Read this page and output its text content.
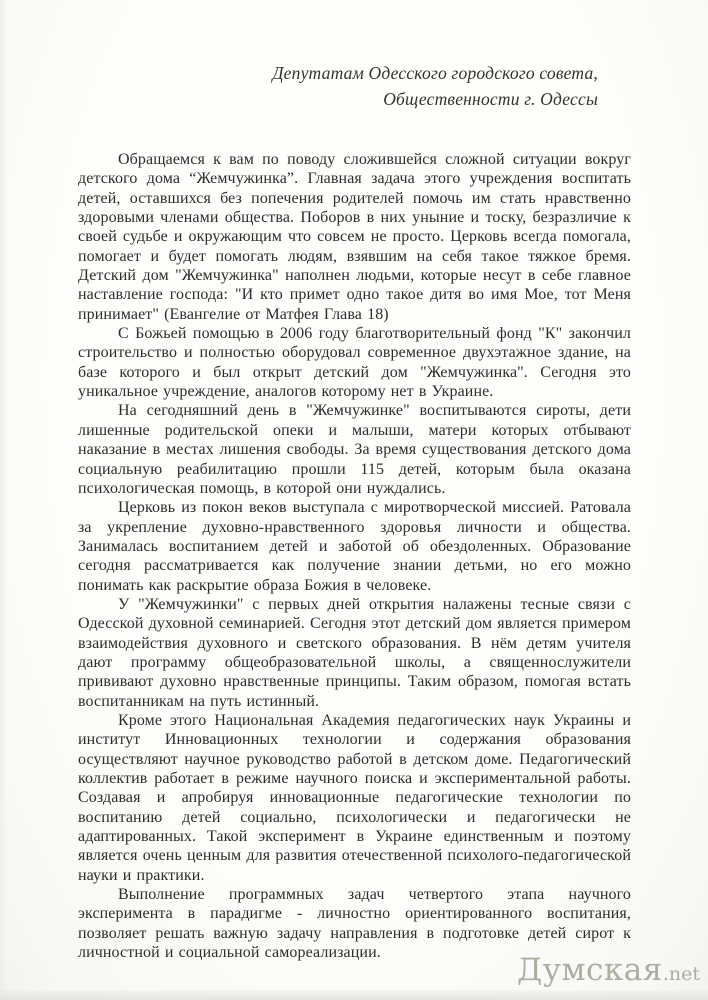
Депутатам Одесского городского совета,
Общественности г. Одессы

Обращаемся к вам по поводу сложившейся сложной ситуации вокруг детского дома “Жемчужинка”. Главная задача этого учреждения воспитать детей, оставшихся без попечения родителей помочь им стать нравственно здоровыми членами общества. Поборов в них уныние и тоску, безразличие к своей судьбе и окружающим что совсем не просто. Церковь всегда помогала, помогает и будет помогать людям, взявшим на себя такое тяжкое бремя. Детский дом "Жемчужинка" наполнен людьми, которые несут в себе главное наставление господа: "И кто примет одно такое дитя во имя Мое, тот Меня принимает" (Евангелие от Матфея Глава 18)

С Божьей помощью в 2006 году благотворительный фонд "К" закончил строительство и полностью оборудовал современное двухэтажное здание, на базе которого и был открыт детский дом "Жемчужинка". Сегодня это уникальное учреждение, аналогов которому нет в Украине.

На сегодняшний день в "Жемчужинке" воспитываются сироты, дети лишенные родительской опеки и малыши, матери которых отбывают наказание в местах лишения свободы. За время существования детского дома социальную реабилитацию прошли 115 детей, которым была оказана психологическая помощь, в которой они нуждались.

Церковь из покон веков выступала с миротворческой миссией. Ратовала за укрепление духовно-нравственного здоровья личности и общества. Занималась воспитанием детей и заботой об обездоленных. Образование сегодня рассматривается как получение знании детьми, но его можно понимать как раскрытие образа Божия в человеке.

У "Жемчужинки" с первых дней открытия налажены тесные связи с Одесской духовной семинарией. Сегодня этот детский дом является примером взаимодействия духовного и светского образования. В нём детям учителя дают программу общеобразовательной школы, а священнослужители прививают духовно нравственные принципы. Таким образом, помогая встать воспитанникам на путь истинный.

Кроме этого Национальная Академия педагогических наук Украины и институт Инновационных технологии и содержания образования осуществляют научное руководство работой в детском доме. Педагогический коллектив работает в режиме научного поиска и экспериментальной работы. Создавая и апробируя инновационные педагогические технологии по воспитанию детей социально, психологически и педагогически не адаптированных. Такой эксперимент в Украине единственным и поэтому является очень ценным для развития отечественной психолого-педагогической науки и практики.

Выполнение программных задач четвертого этапа научного эксперимента в парадигме - личностно ориентированного воспитания, позволяет решать важную задачу направления в подготовке детей сирот к личностной и социальной самореализации.	Думская.net
